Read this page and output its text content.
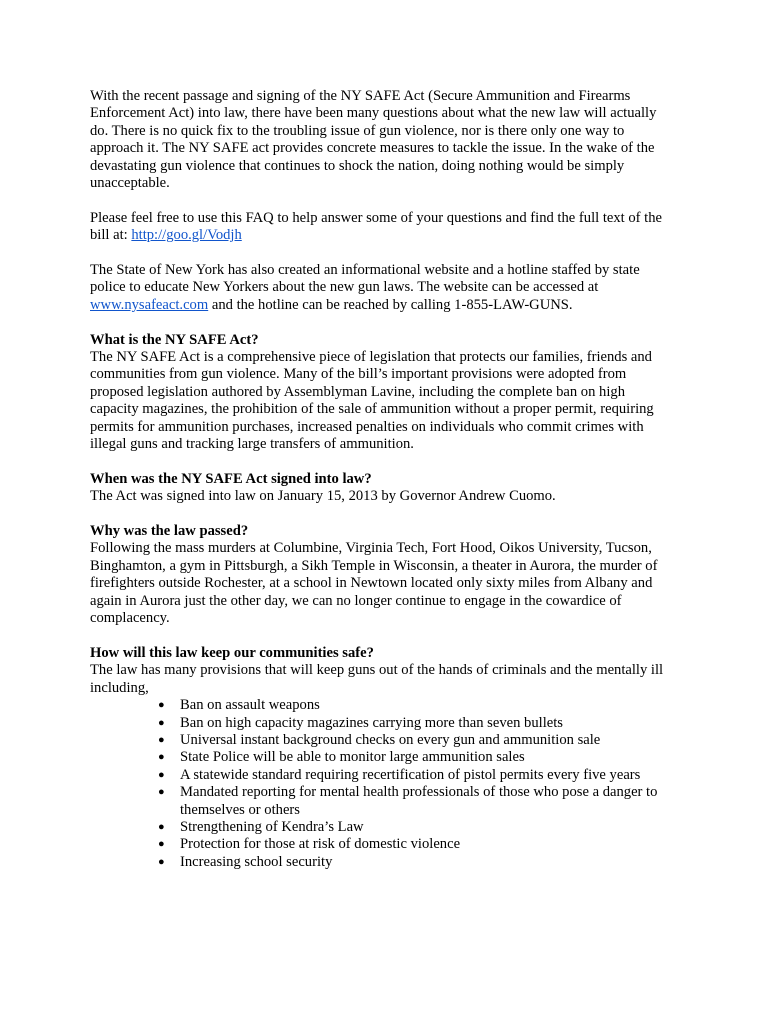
With the recent passage and signing of the NY SAFE Act (Secure Ammunition and Firearms Enforcement Act) into law, there have been many questions about what the new law will actually do. There is no quick fix to the troubling issue of gun violence, nor is there only one way to approach it. The NY SAFE act provides concrete measures to tackle the issue. In the wake of the devastating gun violence that continues to shock the nation, doing nothing would be simply unacceptable.

Please feel free to use this FAQ to help answer some of your questions and find the full text of the bill at: http://goo.gl/Vodjh

The State of New York has also created an informational website and a hotline staffed by state police to educate New Yorkers about the new gun laws. The website can be accessed at www.nysafeact.com and the hotline can be reached by calling 1-855-LAW-GUNS.

What is the NY SAFE Act?
The NY SAFE Act is a comprehensive piece of legislation that protects our families, friends and communities from gun violence. Many of the bill’s important provisions were adopted from proposed legislation authored by Assemblyman Lavine, including the complete ban on high capacity magazines, the prohibition of the sale of ammunition without a proper permit, requiring permits for ammunition purchases, increased penalties on individuals who commit crimes with illegal guns and tracking large transfers of ammunition.
When was the NY SAFE Act signed into law?
The Act was signed into law on January 15, 2013 by Governor Andrew Cuomo.
Why was the law passed?
Following the mass murders at Columbine, Virginia Tech, Fort Hood, Oikos University, Tucson, Binghamton, a gym in Pittsburgh, a Sikh Temple in Wisconsin, a theater in Aurora, the murder of firefighters outside Rochester, at a school in Newtown located only sixty miles from Albany and again in Aurora just the other day, we can no longer continue to engage in the cowardice of complacency.
How will this law keep our communities safe?
The law has many provisions that will keep guns out of the hands of criminals and the mentally ill including,
● Ban on assault weapons
● Ban on high capacity magazines carrying more than seven bullets
● Universal instant background checks on every gun and ammunition sale
● State Police will be able to monitor large ammunition sales
● A statewide standard requiring recertification of pistol permits every five years
● Mandated reporting for mental health professionals of those who pose a danger to themselves or others
● Strengthening of Kendra’s Law
● Protection for those at risk of domestic violence
● Increasing school security
